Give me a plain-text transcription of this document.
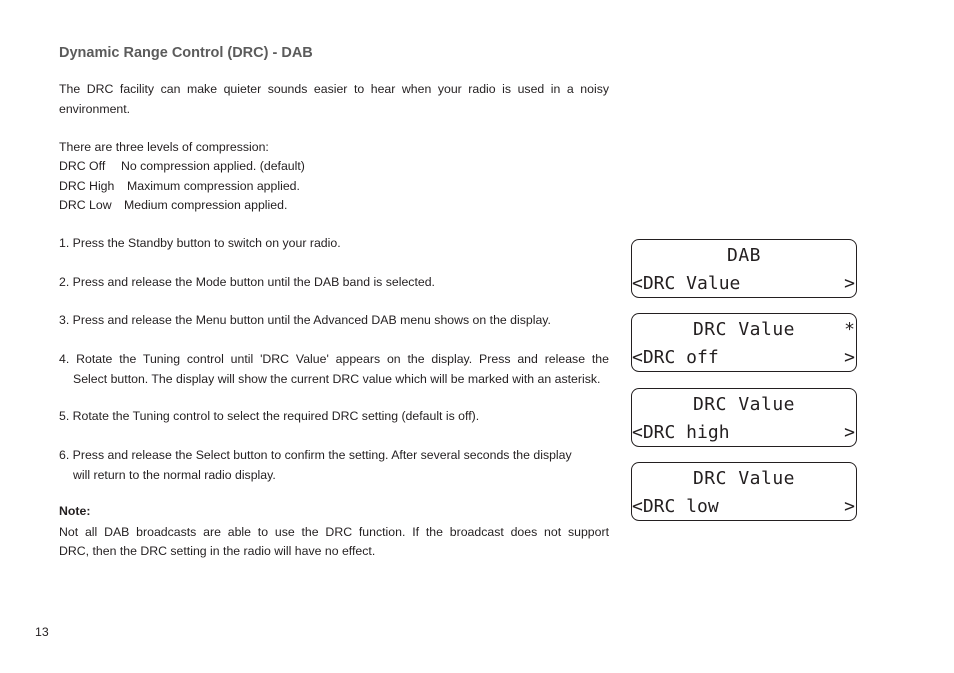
Dynamic Range Control (DRC) - DAB
The DRC facility can make quieter sounds easier to hear when your radio is used in a noisy
environment.
There are three levels of compression:
DRC Off No compression applied. (default)
DRC High Maximum compression applied.
DRC Low Medium compression applied.
1. Press the Standby button to switch on your radio.
2. Press and release the Mode button until the DAB band is selected.
3. Press and release the Menu button until the Advanced DAB menu shows on the display.
4. Rotate the Tuning control until 'DRC Value' appears on the display. Press and release the
Select button. The display will show the current DRC value which will be marked with an asterisk.
5. Rotate the Tuning control to select the required DRC setting (default is off).
6. Press and release the Select button to confirm the setting. After several seconds the display
will return to the normal radio display.
Note:
Not all DAB broadcasts are able to use the DRC function. If the broadcast does not support
DRC, then the DRC setting in the radio will have no effect.
13
DAB
<DRC Value	>
DRC Value	*
<DRC off	>
DRC Value
<DRC high	>
DRC Value
<DRC low	>
